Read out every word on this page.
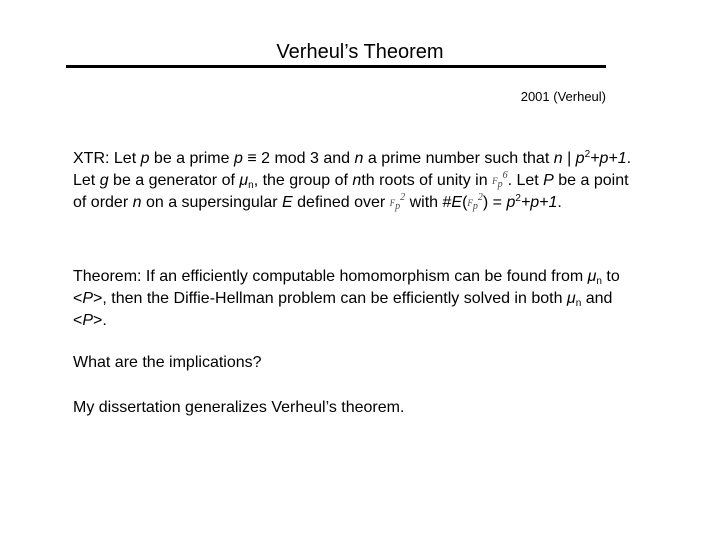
Verheul’s Theorem
2001 (Verheul)
XTR: Let p be a prime p ≡ 2 mod 3 and n a prime number such that n | $p^2+p+1$. Let g be a generator of $\mu_n$, the group of nth roots of unity in $F_p^6$. Let P be a point of order n on a supersingular E defined over $F_p^2$ with $\#E(F_p^2) = p^2+p+1$.
Theorem: If an efficiently computable homomorphism can be found from $\mu_n$ to <P>, then the Diffie-Hellman problem can be efficiently solved in both $\mu_n$ and <P>.
What are the implications?
My dissertation generalizes Verheul’s theorem.
